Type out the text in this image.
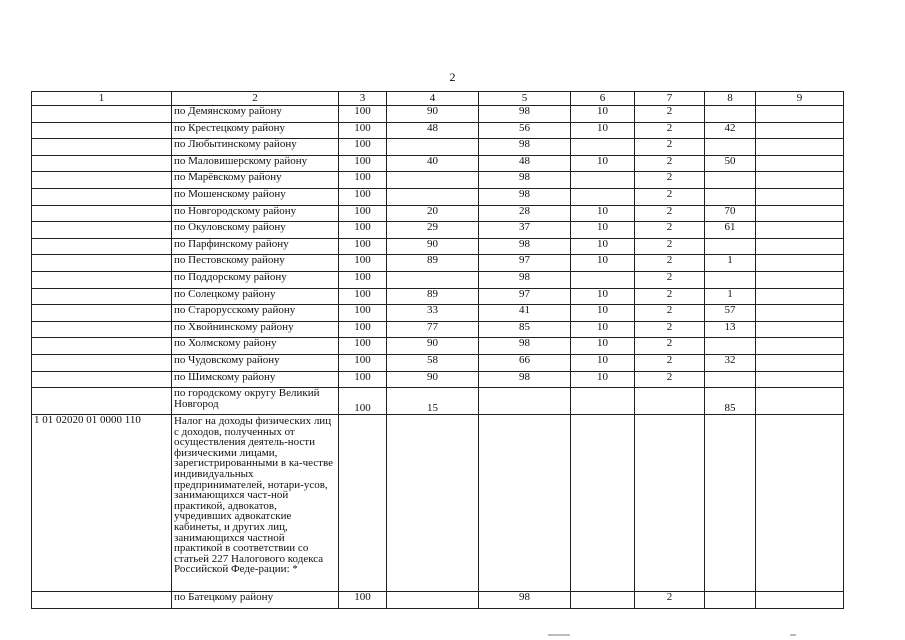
2
1	2	3	4	5	6	7	8	9
	по Демянскому району	100	90	98	10	2		
	по Крестецкому району	100	48	56	10	2	42	
	по Любытинскому району	100		98		2		
	по Маловишерскому району	100	40	48	10	2	50	
	по Марёвскому району	100		98		2		
	по Мошенскому району	100		98		2		
	по Новгородскому району	100	20	28	10	2	70	
	по Окуловскому району	100	29	37	10	2	61	
	по Парфинскому району	100	90	98	10	2		
	по Пестовскому району	100	89	97	10	2	1	
	по Поддорскому району	100		98		2		
	по Солецкому району	100	89	97	10	2	1	
	по Старорусскому району	100	33	41	10	2	57	
	по Хвойнинскому району	100	77	85	10	2	13	
	по Холмскому району	100	90	98	10	2		
	по Чудовскому району	100	58	66	10	2	32	
	по Шимскому району	100	90	98	10	2		
	по городскому округу Великий Новгород	100	15				85	
1 01 02020 01 0000 110	Налог на доходы физических лиц с доходов, полученных от осуществления деятель-ности физическими лицами, зарегистрированными в ка-честве индивидуальных предпринимателей, нотари-усов, занимающихся част-ной практикой, адвокатов, учредивших адвокатские кабинеты, и других лиц, занимающихся частной практикой в соответствии со статьей 227 Налогового кодекса Российской Феде-рации: *							
	по Батецкому району	100		98		2		
